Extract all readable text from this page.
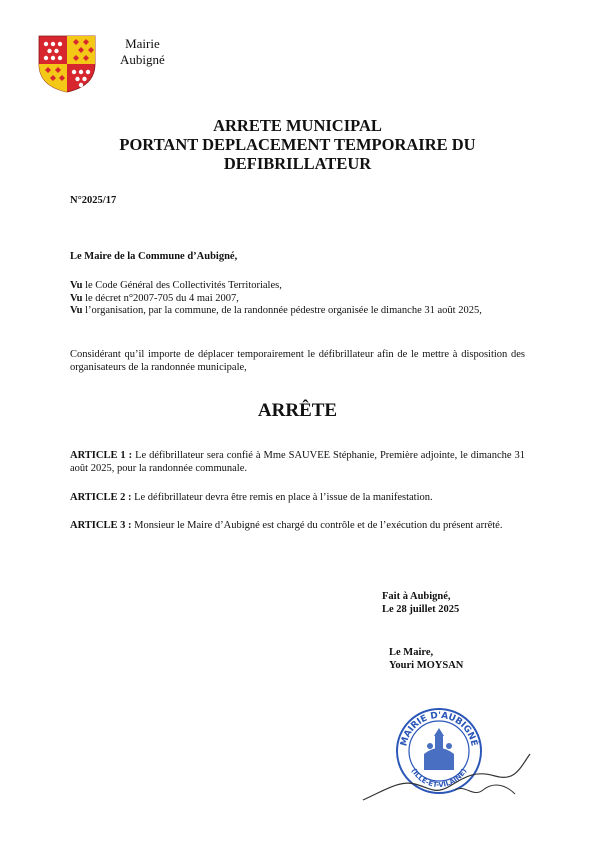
Mairie
Aubigné
ARRETE MUNICIPAL
PORTANT DEPLACEMENT TEMPORAIRE DU
DEFIBRILLATEUR
N°2025/17
Le Maire de la Commune d’Aubigné,
Vu le Code Général des Collectivités Territoriales,
Vu le décret n°2007-705 du 4 mai 2007,
Vu l’organisation, par la commune, de la randonnée pédestre organisée le dimanche 31 août 2025,
Considérant qu’il importe de déplacer temporairement le défibrillateur afin de le mettre à disposition des organisateurs de la randonnée municipale,
ARRÊTE
ARTICLE 1 : Le défibrillateur sera confié à Mme SAUVEE Stéphanie, Première adjointe, le dimanche 31 août 2025, pour la randonnée communale.
ARTICLE 2 : Le défibrillateur devra être remis en place à l’issue de la manifestation.
ARTICLE 3 : Monsieur le Maire d’Aubigné est chargé du contrôle et de l’exécution du présent arrêté.
Fait à Aubigné,
Le 28 juillet 2025
Le Maire,
Youri MOYSAN
MAIRIE D'AUBIGNÉ
(ILLE-ET-VILAINE)
